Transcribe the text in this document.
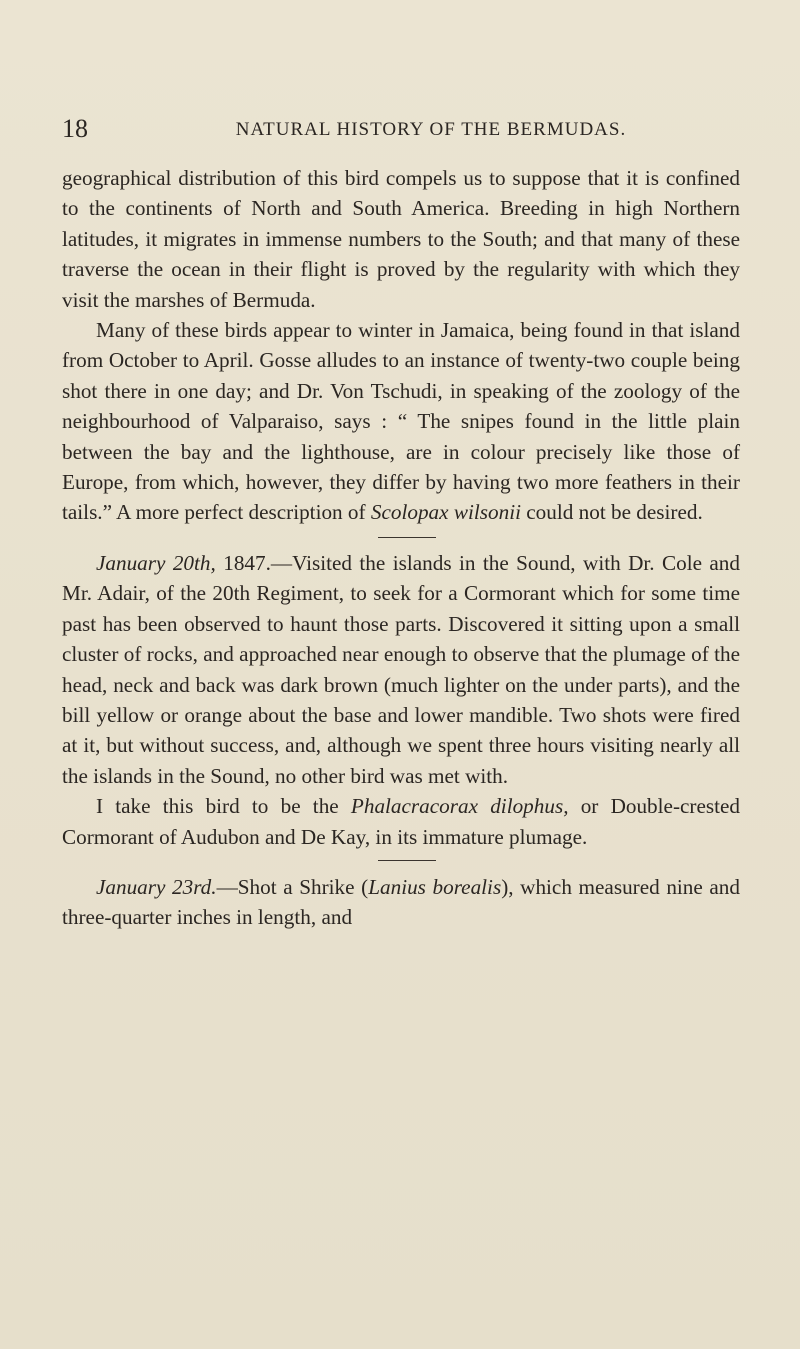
18	NATURAL HISTORY OF THE BERMUDAS.

geographical distribution of this bird compels us to suppose that it is confined to the continents of North and South America. Breeding in high Northern latitudes, it migrates in immense numbers to the South; and that many of these traverse the ocean in their flight is proved by the regularity with which they visit the marshes of Bermuda.

Many of these birds appear to winter in Jamaica, being found in that island from October to April. Gosse alludes to an instance of twenty-two couple being shot there in one day; and Dr. Von Tschudi, in speaking of the zoology of the neighbourhood of Valparaiso, says : “ The snipes found in the little plain between the bay and the lighthouse, are in colour precisely like those of Europe, from which, however, they differ by having two more feathers in their tails.” A more perfect description of Scolopax wilsonii could not be desired.

January 20th, 1847.—Visited the islands in the Sound, with Dr. Cole and Mr. Adair, of the 20th Regiment, to seek for a Cormorant which for some time past has been observed to haunt those parts. Discovered it sitting upon a small cluster of rocks, and approached near enough to observe that the plumage of the head, neck and back was dark brown (much lighter on the under parts), and the bill yellow or orange about the base and lower mandible. Two shots were fired at it, but without success, and, although we spent three hours visiting nearly all the islands in the Sound, no other bird was met with.

I take this bird to be the Phalacracorax dilophus, or Double-crested Cormorant of Audubon and De Kay, in its immature plumage.

January 23rd.—Shot a Shrike (Lanius borealis), which measured nine and three-quarter inches in length, and
